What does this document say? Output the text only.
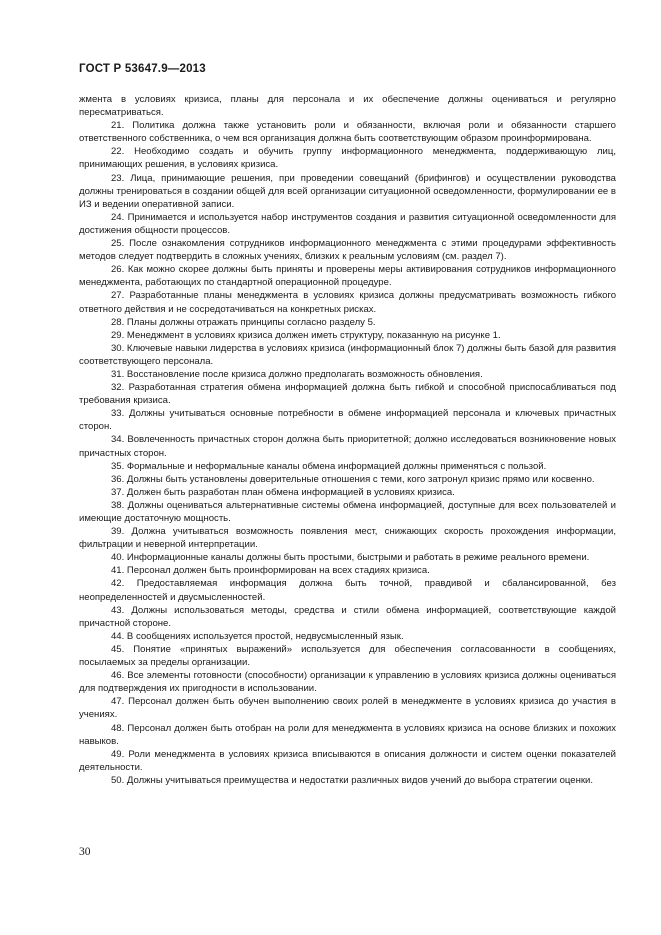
ГОСТ Р 53647.9—2013

жмента в условиях кризиса, планы для персонала и их обеспечение должны оцениваться и регулярно пересматриваться.

21. Политика должна также установить роли и обязанности, включая роли и обязанности старшего ответственного собственника, о чем вся организация должна быть соответствующим образом проинформирована.

22. Необходимо создать и обучить группу информационного менеджмента, поддерживающую лиц, принимающих решения, в условиях кризиса.

23. Лица, принимающие решения, при проведении совещаний (брифингов) и осуществлении руководства должны тренироваться в создании общей для всей организации ситуационной осведомленности, формулировании ее в ИЗ и ведении оперативной записи.

24. Принимается и используется набор инструментов создания и развития ситуационной осведомленности для достижения общности процессов.

25. После ознакомления сотрудников информационного менеджмента с этими процедурами эффективность методов следует подтвердить в сложных учениях, близких к реальным условиям (см. раздел 7).

26. Как можно скорее должны быть приняты и проверены меры активирования сотрудников информационного менеджмента, работающих по стандартной операционной процедуре.

27. Разработанные планы менеджмента в условиях кризиса должны предусматривать возможность гибкого ответного действия и не сосредотачиваться на конкретных рисках.

28. Планы должны отражать принципы согласно разделу 5.

29. Менеджмент в условиях кризиса должен иметь структуру, показанную на рисунке 1.

30. Ключевые навыки лидерства в условиях кризиса (информационный блок 7) должны быть базой для развития соответствующего персонала.

31. Восстановление после кризиса должно предполагать возможность обновления.

32. Разработанная стратегия обмена информацией должна быть гибкой и способной приспосабливаться под требования кризиса.

33. Должны учитываться основные потребности в обмене информацией персонала и ключевых причастных сторон.

34. Вовлеченность причастных сторон должна быть приоритетной; должно исследоваться возникновение новых причастных сторон.

35. Формальные и неформальные каналы обмена информацией должны применяться с пользой.

36. Должны быть установлены доверительные отношения с теми, кого затронул кризис прямо или косвенно.

37. Должен быть разработан план обмена информацией в условиях кризиса.

38. Должны оцениваться альтернативные системы обмена информацией, доступные для всех пользователей и имеющие достаточную мощность.

39. Должна учитываться возможность появления мест, снижающих скорость прохождения информации, фильтрации и неверной интерпретации.

40. Информационные каналы должны быть простыми, быстрыми и работать в режиме реального времени.

41. Персонал должен быть проинформирован на всех стадиях кризиса.

42. Предоставляемая информация должна быть точной, правдивой и сбалансированной, без неопределенностей и двусмысленностей.

43. Должны использоваться методы, средства и стили обмена информацией, соответствующие каждой причастной стороне.

44. В сообщениях используется простой, недвусмысленный язык.

45. Понятие «принятых выражений» используется для обеспечения согласованности в сообщениях, посылаемых за пределы организации.

46. Все элементы готовности (способности) организации к управлению в условиях кризиса должны оцениваться для подтверждения их пригодности в использовании.

47. Персонал должен быть обучен выполнению своих ролей в менеджменте в условиях кризиса до участия в учениях.

48. Персонал должен быть отобран на роли для менеджмента в условиях кризиса на основе близких и похожих навыков.

49. Роли менеджмента в условиях кризиса вписываются в описания должности и систем оценки показателей деятельности.

50. Должны учитываться преимущества и недостатки различных видов учений до выбора стратегии оценки.

30
